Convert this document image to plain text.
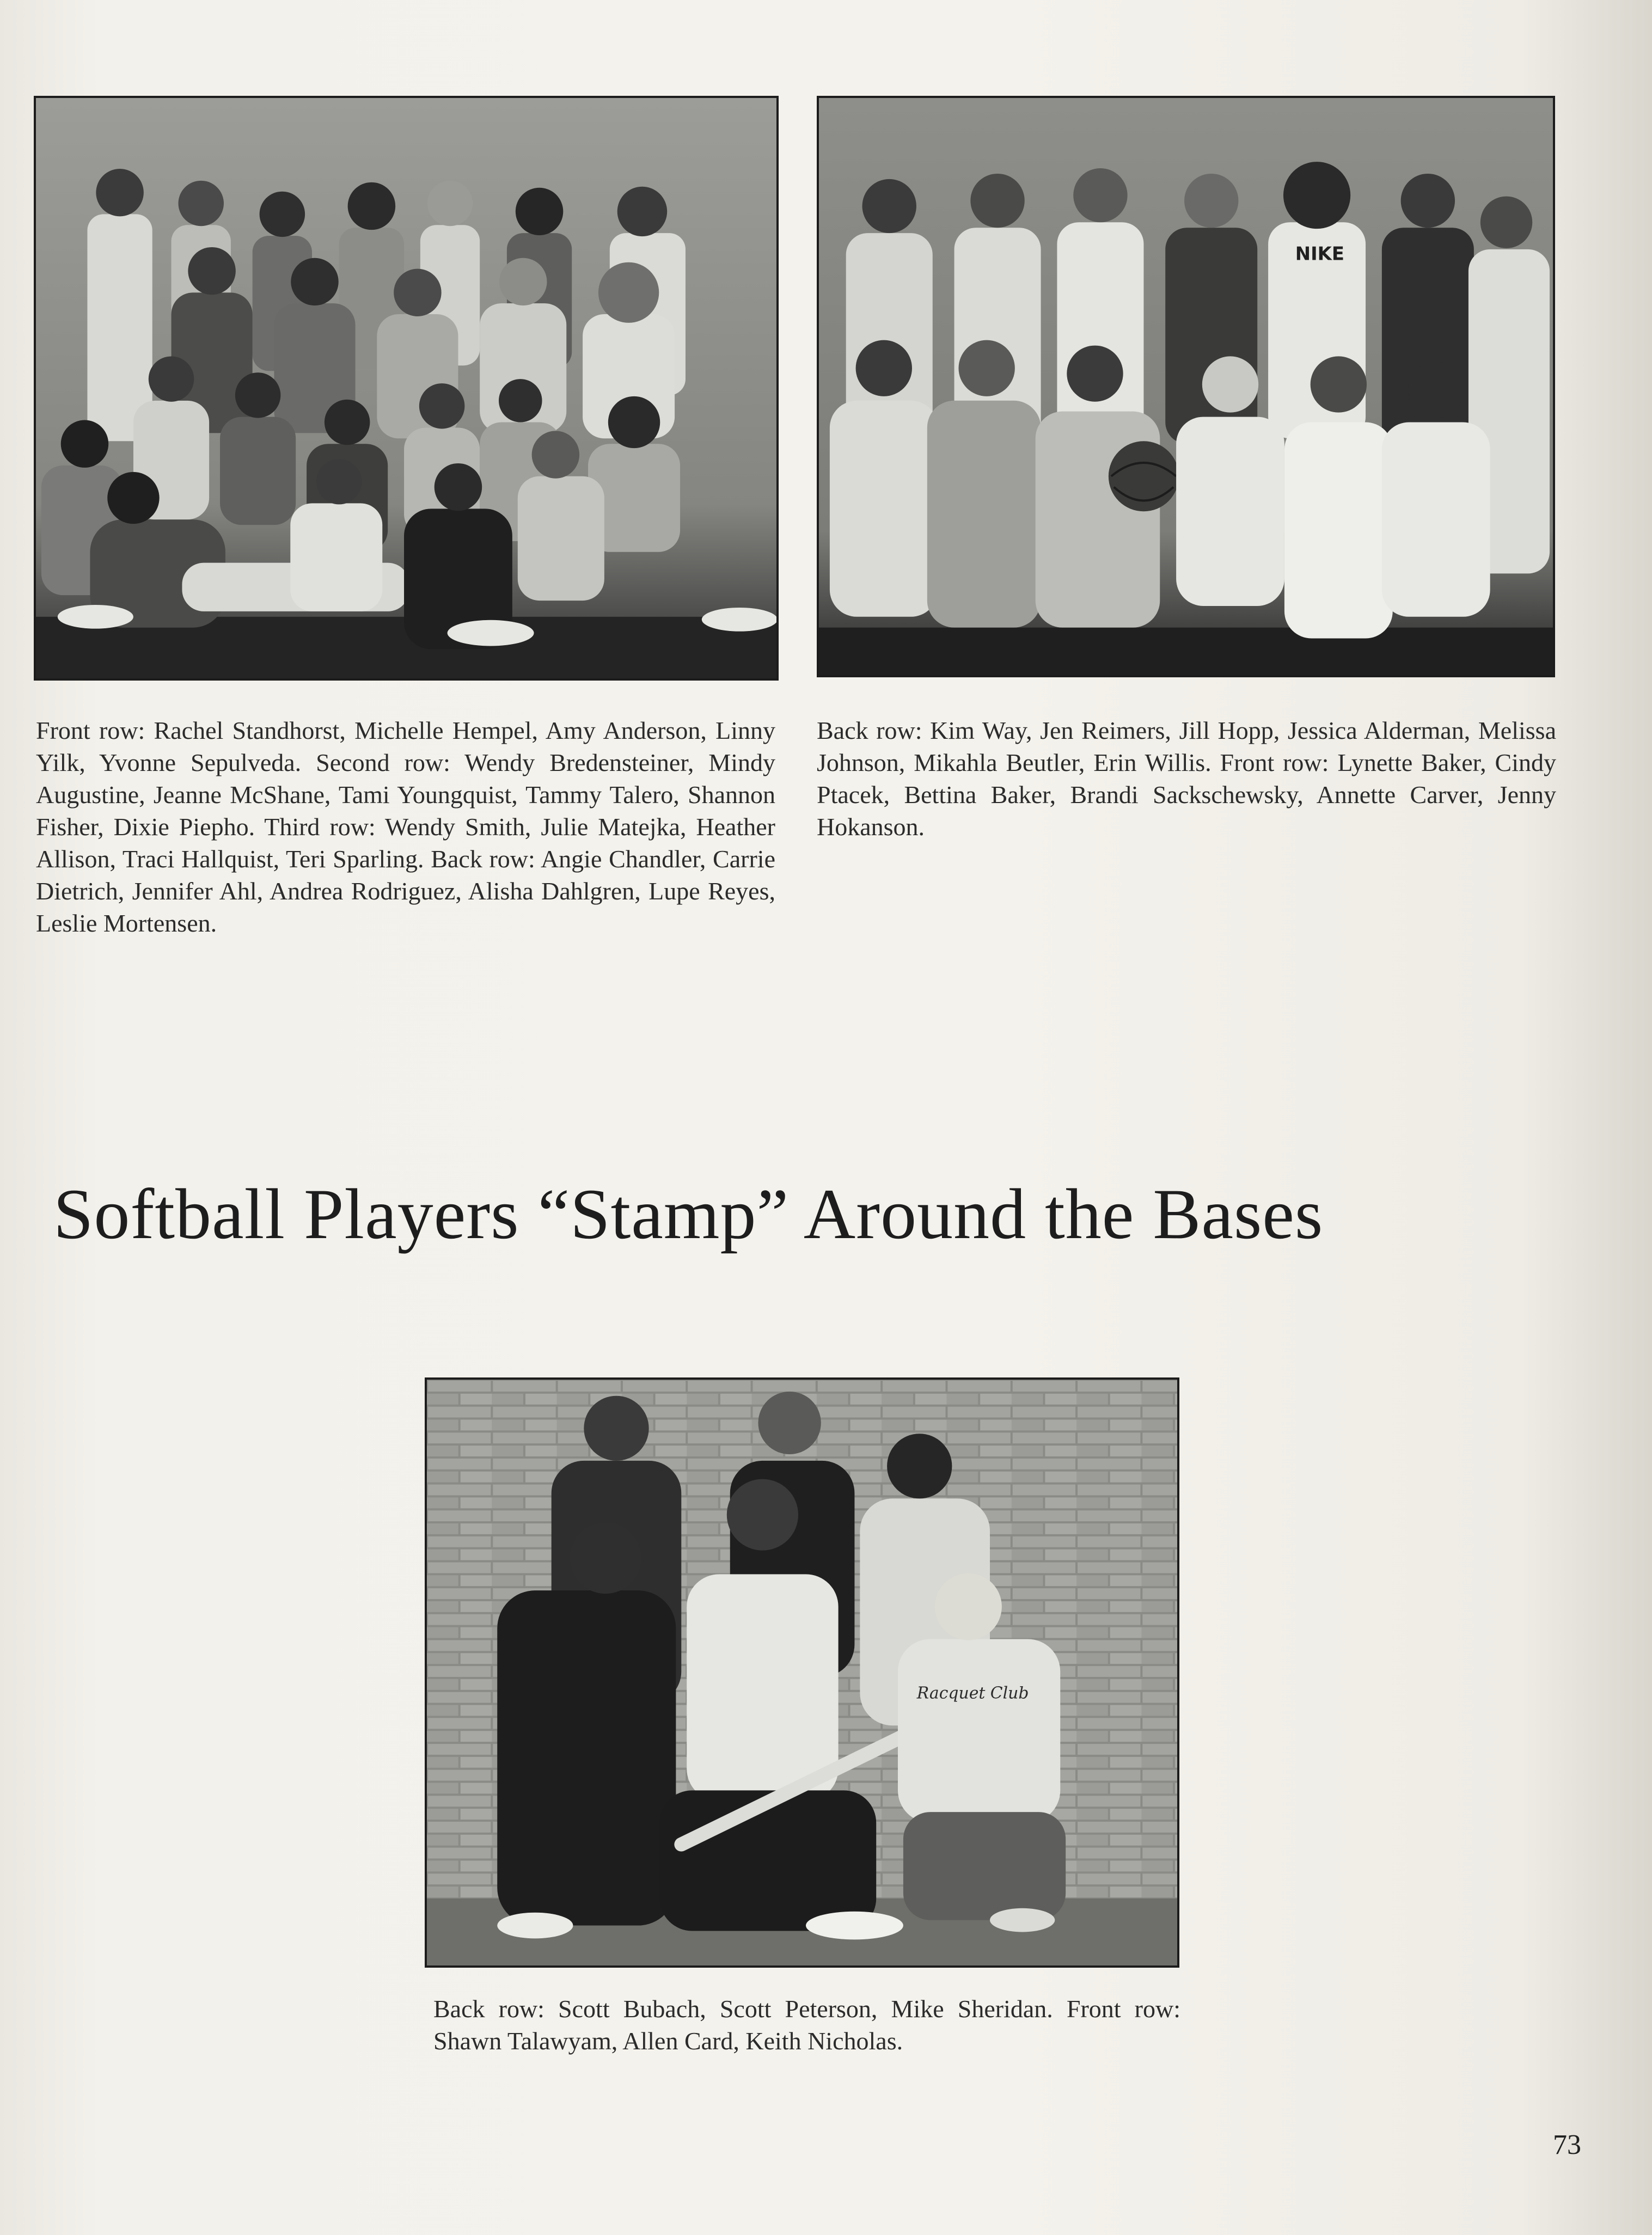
NIKE

Front row: Rachel Standhorst, Michelle Hempel, Amy Anderson, Linny Yilk, Yvonne Sepulveda. Second row: Wendy Bredensteiner, Mindy Augustine, Jeanne McShane, Tami Youngquist, Tammy Talero, Shannon Fisher, Dixie Piepho. Third row: Wendy Smith, Julie Matejka, Heather Allison, Traci Hallquist, Teri Sparling. Back row: Angie Chandler, Carrie Dietrich, Jennifer Ahl, Andrea Rodriguez, Alisha Dahlgren, Lupe Reyes, Leslie Mortensen.

Back row: Kim Way, Jen Reimers, Jill Hopp, Jessica Alderman, Melissa Johnson, Mikahla Beutler, Erin Willis. Front row: Lynette Baker, Cindy Ptacek, Bettina Baker, Brandi Sackschewsky, Annette Carver, Jenny Hokanson.

Softball Players “Stamp” Around the Bases
Racquet Club

Back row: Scott Bubach, Scott Peterson, Mike Sheridan. Front row: Shawn Talawyam, Allen Card, Keith Nicholas.

73
